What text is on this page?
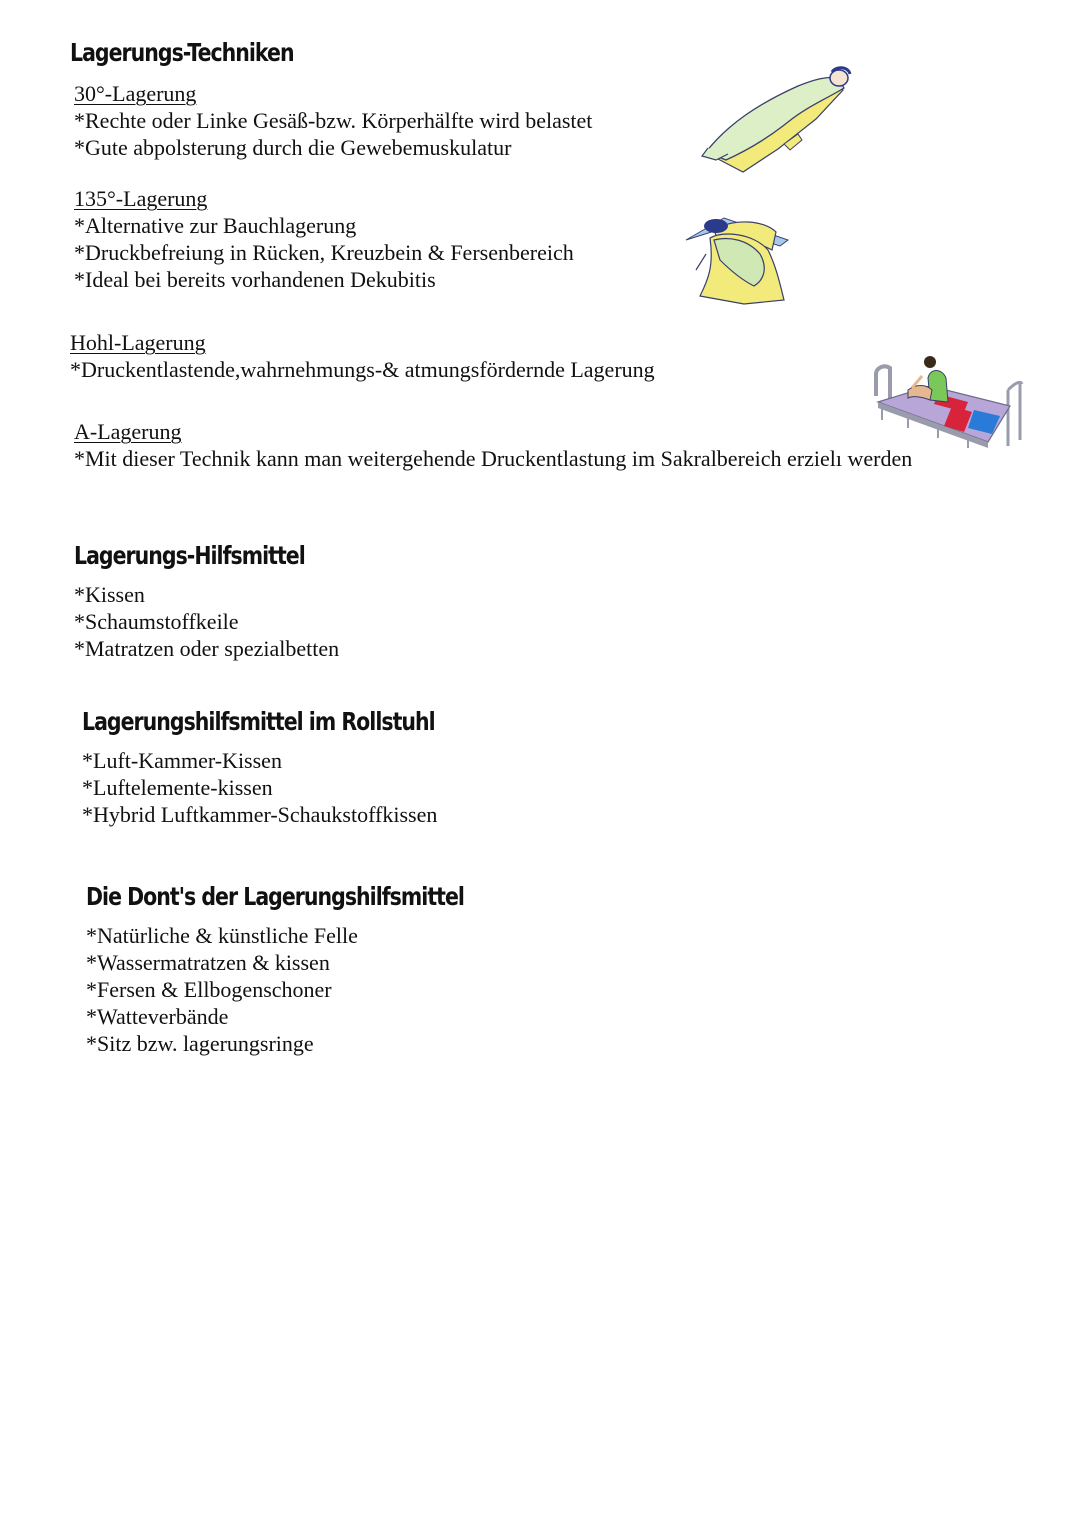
Lagerungs-Techniken
30°-Lagerung
*Rechte oder Linke Gesäß-bzw. Körperhälfte wird belastet
*Gute abpolsterung durch die Gewebemuskulatur
135°-Lagerung
*Alternative zur Bauchlagerung
*Druckbefreiung in Rücken, Kreuzbein & Fersenbereich
*Ideal bei bereits vorhandenen Dekubitis
Hohl-Lagerung
*Druckentlastende,wahrnehmungs-& atmungsfördernde Lagerung
A-Lagerung
*Mit dieser Technik kann man weitergehende Druckentlastung im Sakralbereich erzielı werden
Lagerungs-Hilfsmittel
*Kissen
*Schaumstoffkeile
*Matratzen oder spezialbetten
Lagerungshilfsmittel im Rollstuhl
*Luft-Kammer-Kissen
*Luftelemente-kissen
*Hybrid Luftkammer-Schaukstoffkissen
Die Dont's der Lagerungshilfsmittel
*Natürliche & künstliche Felle
*Wassermatratzen & kissen
*Fersen & Ellbogenschoner
*Watteverbände
*Sitz bzw. lagerungsringe
